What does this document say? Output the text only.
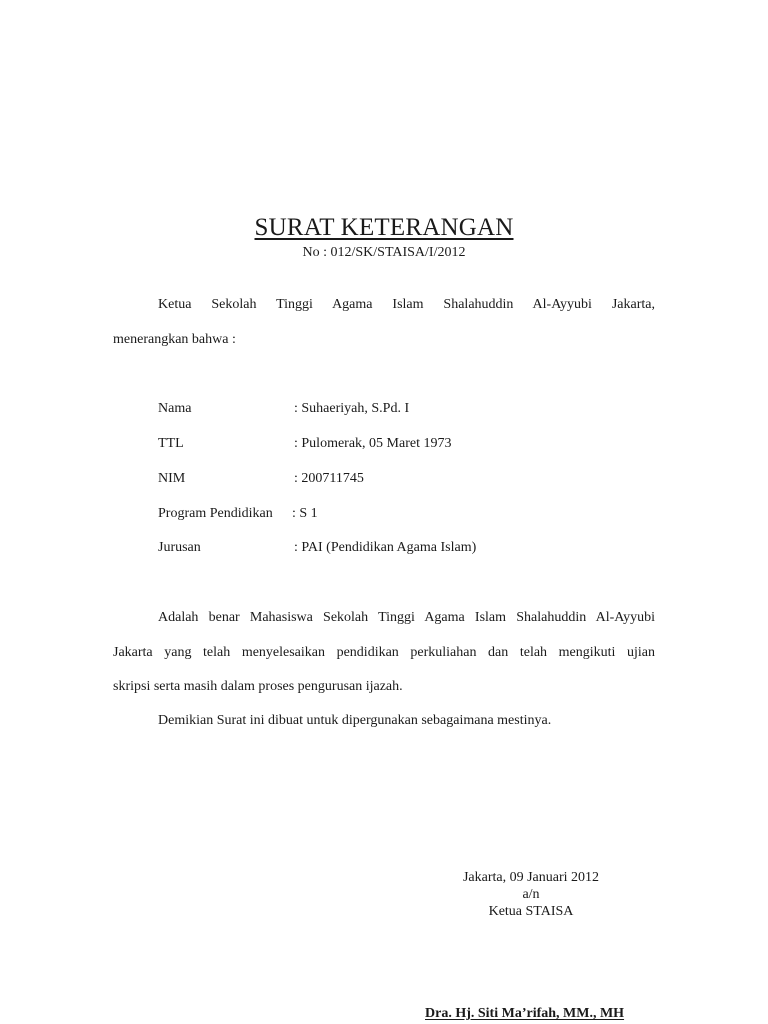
SURAT KETERANGAN
No : 012/SK/STAISA/I/2012
Ketua Sekolah Tinggi Agama Islam Shalahuddin Al-Ayyubi Jakarta,
menerangkan bahwa :
Nama	: Suhaeriyah, S.Pd. I
TTL	: Pulomerak, 05 Maret 1973
NIM	: 200711745
Program Pendidikan : S 1
Jurusan	: PAI (Pendidikan Agama Islam)
Adalah benar Mahasiswa Sekolah Tinggi Agama Islam Shalahuddin Al-Ayyubi
Jakarta yang telah menyelesaikan pendidikan perkuliahan dan telah mengikuti ujian
skripsi serta masih dalam proses pengurusan ijazah.
Demikian Surat ini dibuat untuk dipergunakan sebagaimana mestinya.
Jakarta, 09 Januari 2012
a/n
Ketua STAISA
Dra. Hj. Siti Ma’rifah, MM., MH
